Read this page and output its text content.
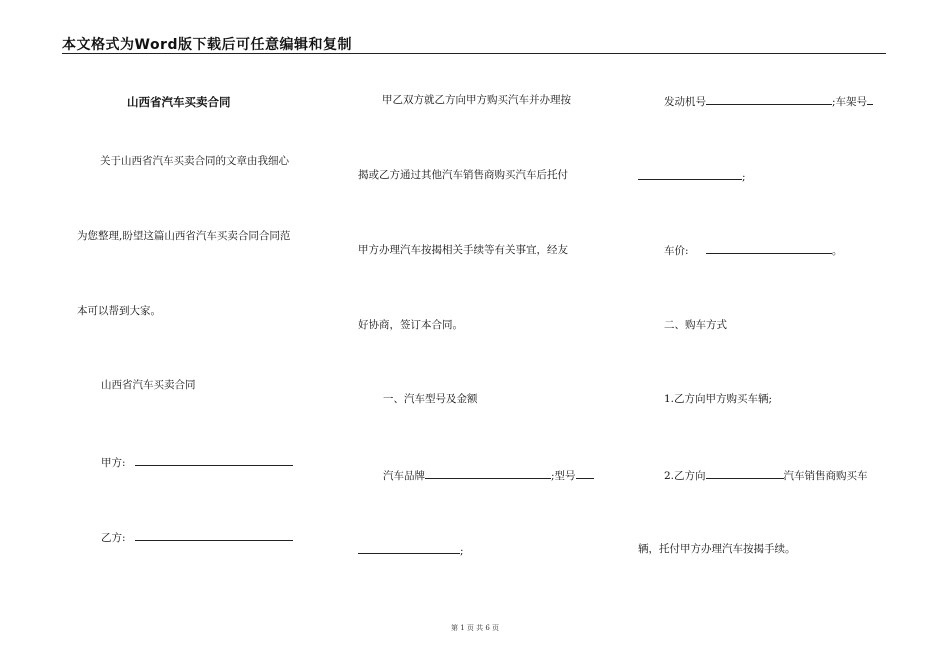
本文格式为Word版下载后可任意编辑和复制
山西省汽车买卖合同
关于山西省汽车买卖合同的文章由我细心
为您整理,盼望这篇山西省汽车买卖合同合同范
本可以帮到大家。
山西省汽车买卖合同
甲方:
乙方:
甲乙双方就乙方向甲方购买汽车并办理按
揭或乙方通过其他汽车销售商购买汽车后托付
甲方办理汽车按揭相关手续等有关事宜，经友
好协商，签订本合同。
一、汽车型号及金额
汽车品牌	;型号
;
发动机号	;车架号
;
车价:	。
二、购车方式
1.乙方向甲方购买车辆;
2.乙方向	汽车销售商购买车
辆，托付甲方办理汽车按揭手续。
第 1 页 共 6 页
